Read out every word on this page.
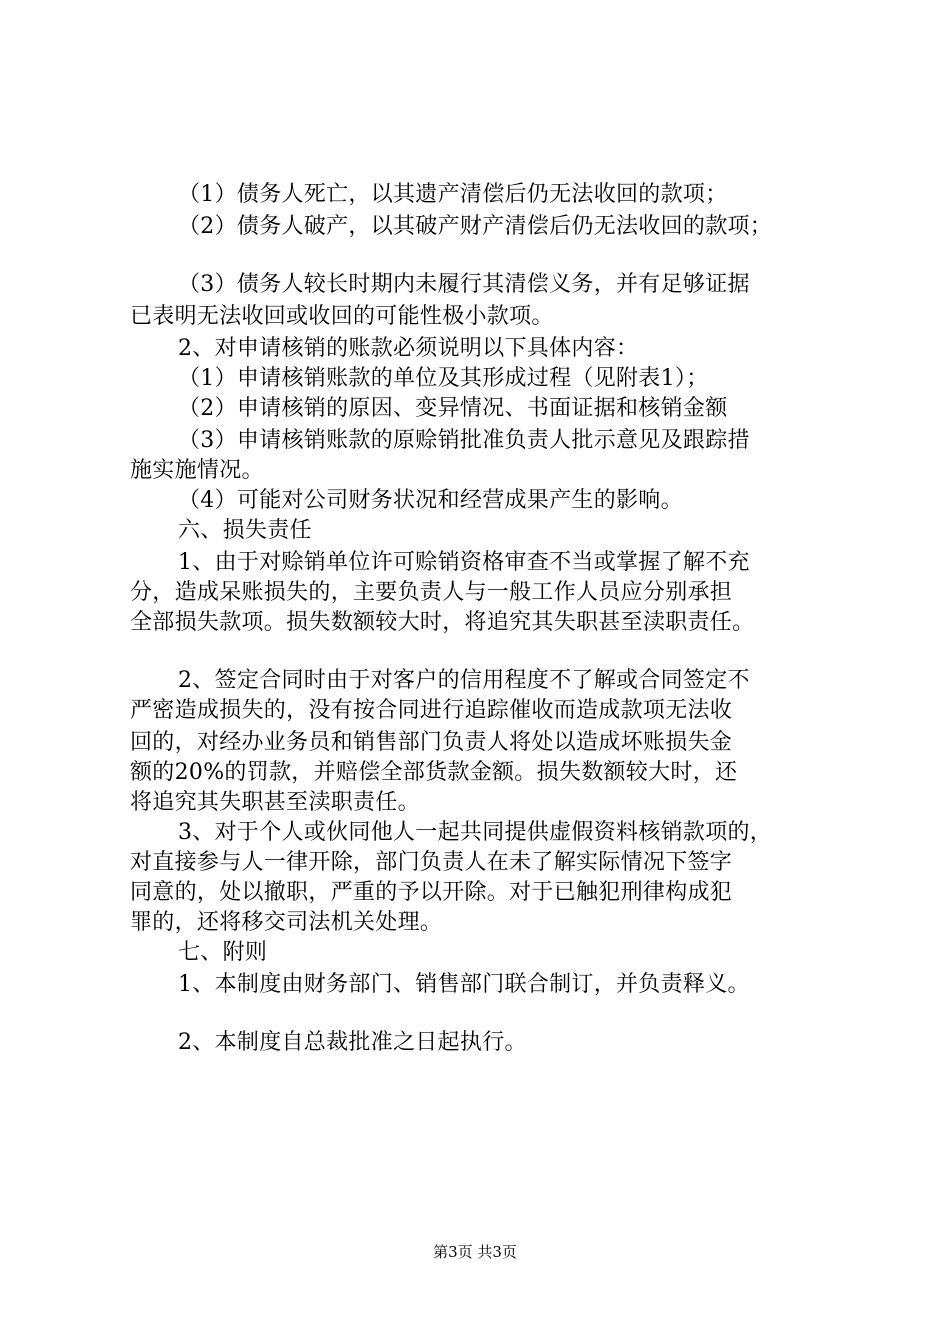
（1）债务人死亡，以其遗产清偿后仍无法收回的款项；
（2）债务人破产，以其破产财产清偿后仍无法收回的款项；
（3）债务人较长时期内未履行其清偿义务，并有足够证据
已表明无法收回或收回的可能性极小款项。
2、对申请核销的账款必须说明以下具体内容：
（1）申请核销账款的单位及其形成过程（见附表1）；
（2）申请核销的原因、变异情况、书面证据和核销金额
（3）申请核销账款的原赊销批准负责人批示意见及跟踪措
施实施情况。
（4）可能对公司财务状况和经营成果产生的影响。
六、损失责任
1、由于对赊销单位许可赊销资格审查不当或掌握了解不充
分，造成呆账损失的，主要负责人与一般工作人员应分别承担
全部损失款项。损失数额较大时，将追究其失职甚至渎职责任。
2、签定合同时由于对客户的信用程度不了解或合同签定不
严密造成损失的，没有按合同进行追踪催收而造成款项无法收
回的，对经办业务员和销售部门负责人将处以造成坏账损失金
额的20%的罚款，并赔偿全部货款金额。损失数额较大时，还
将追究其失职甚至渎职责任。
3、对于个人或伙同他人一起共同提供虚假资料核销款项的，
对直接参与人一律开除，部门负责人在未了解实际情况下签字
同意的，处以撤职，严重的予以开除。对于已触犯刑律构成犯
罪的，还将移交司法机关处理。
七、附则
1、本制度由财务部门、销售部门联合制订，并负责释义。
2、本制度自总裁批准之日起执行。
第3页 共3页
